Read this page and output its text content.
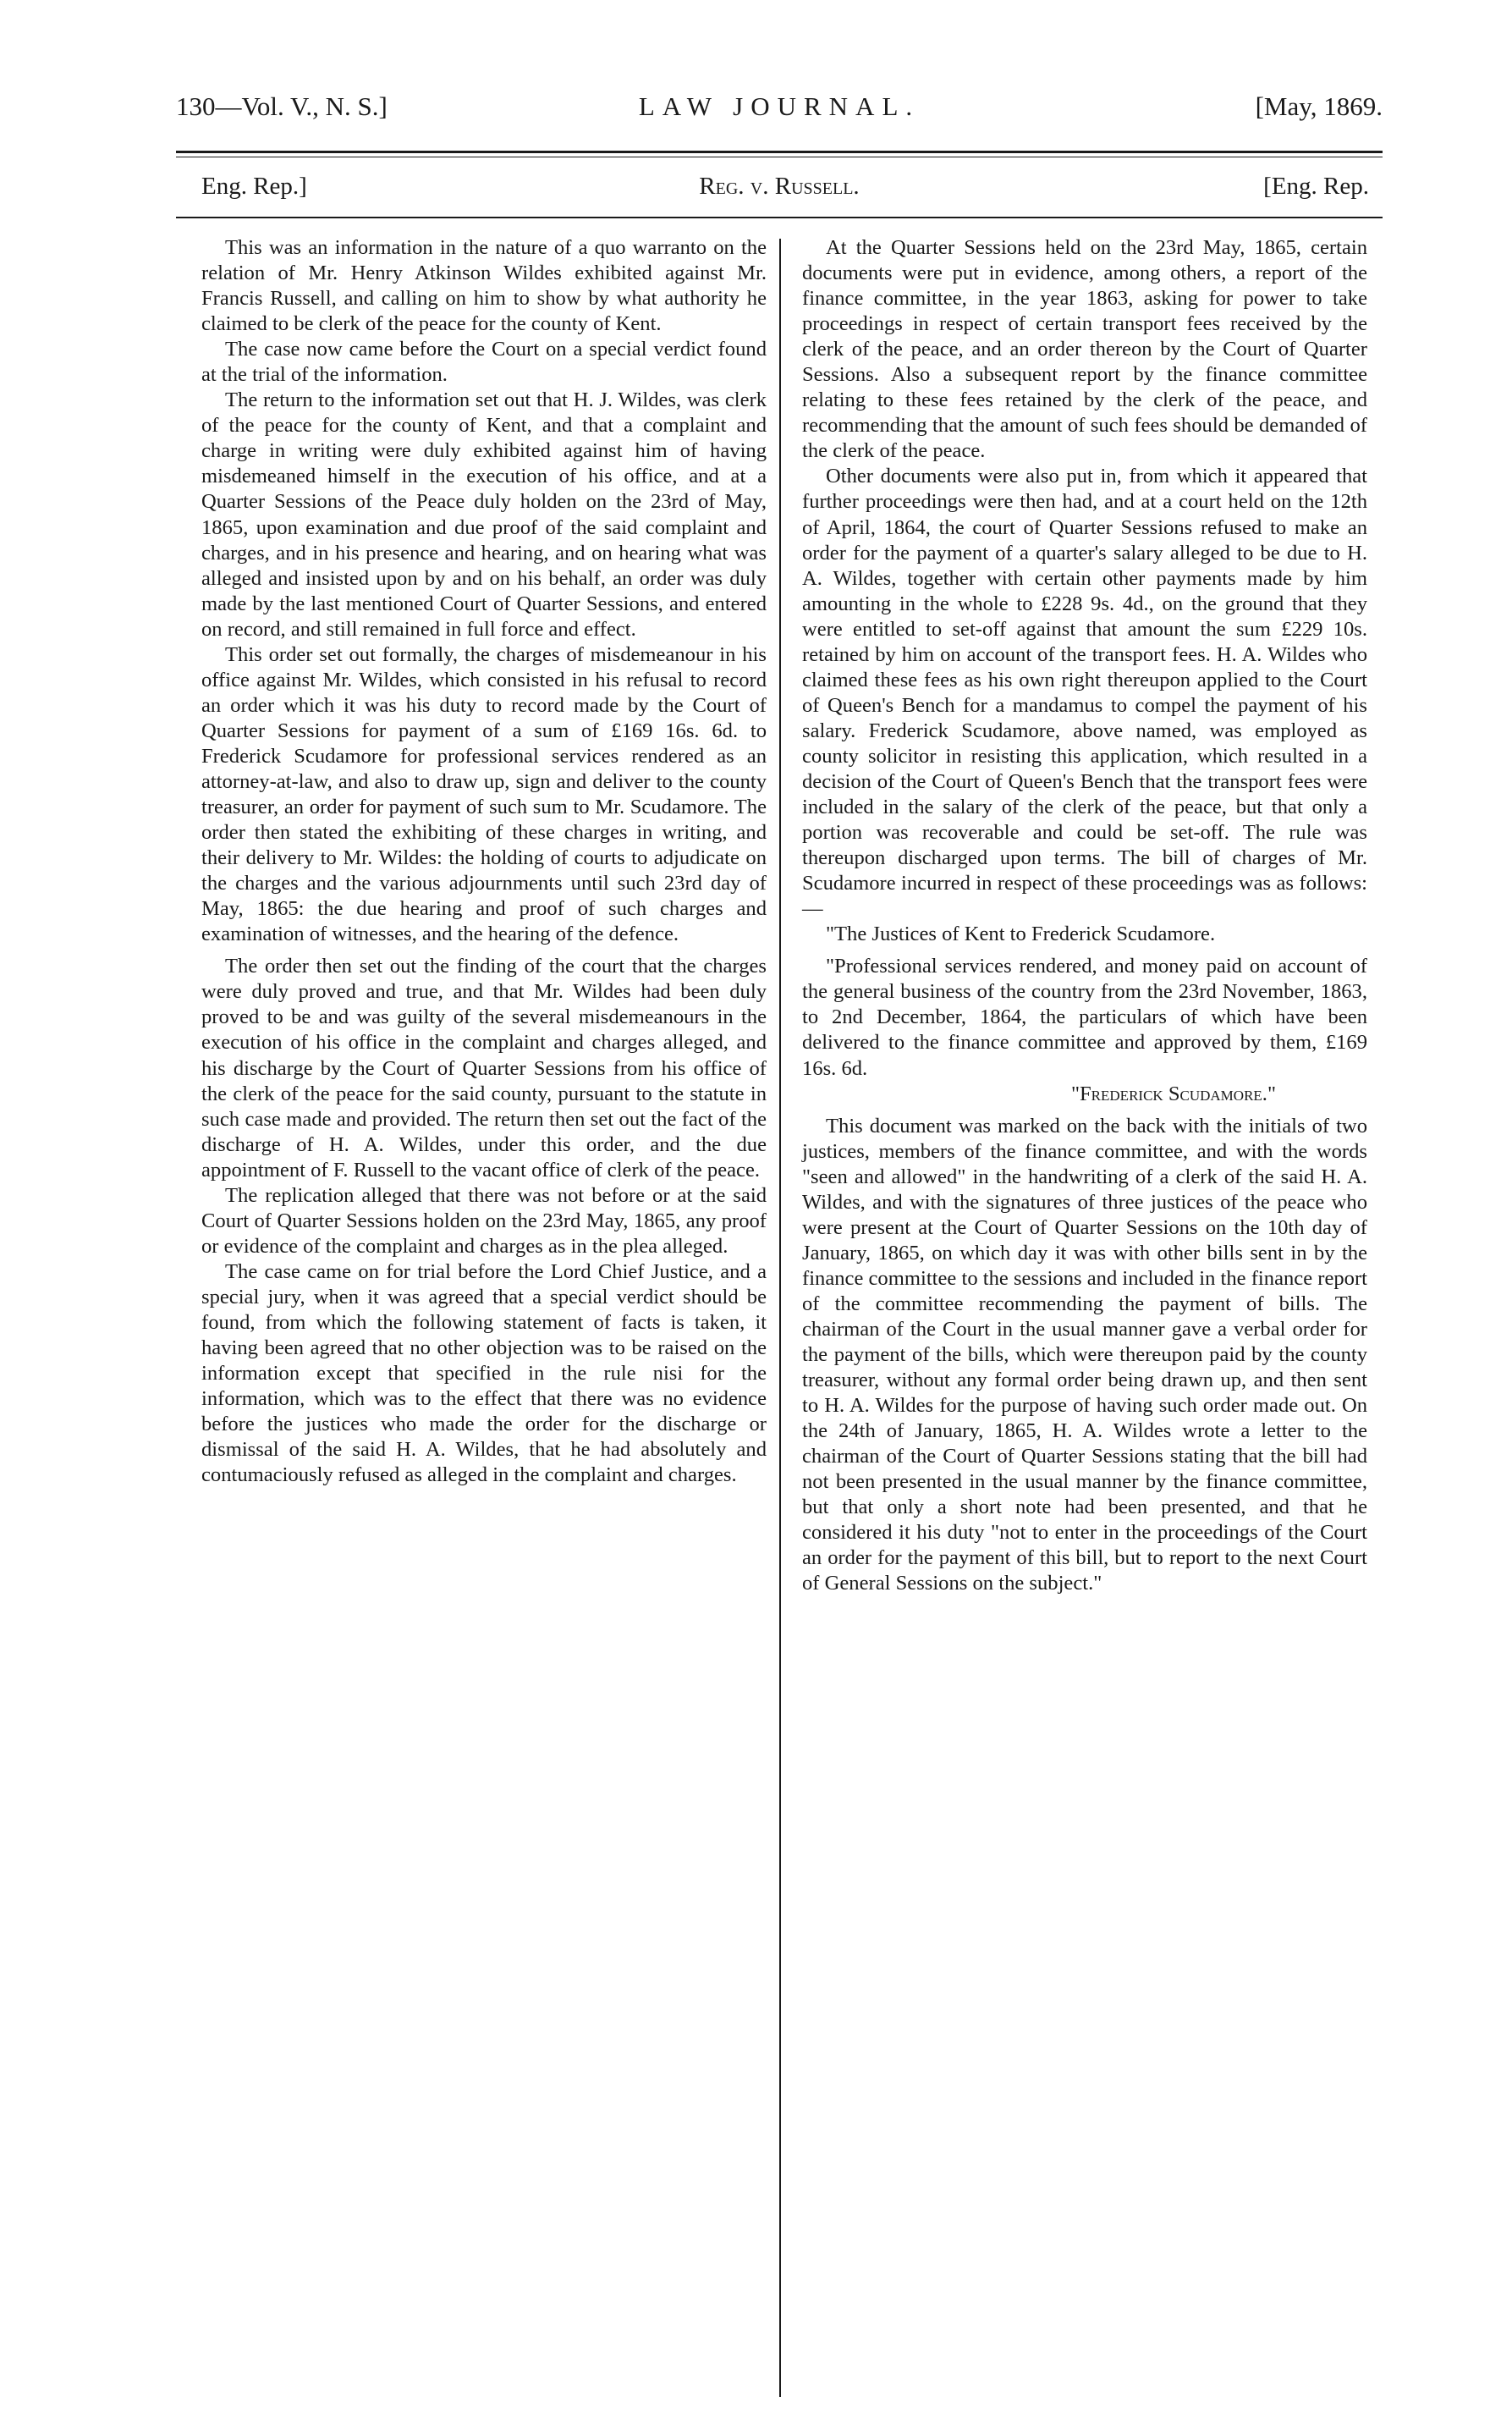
130—Vol. V., N. S.]	LAW JOURNAL.	[May, 1869.
Eng. Rep.]	Reg. v. Russell.	[Eng. Rep.

This was an information in the nature of a quo warranto on the relation of Mr. Henry Atkinson Wildes exhibited against Mr. Francis Russell, and calling on him to show by what authority he claimed to be clerk of the peace for the county of Kent.

The case now came before the Court on a special verdict found at the trial of the information.

The return to the information set out that H. J. Wildes, was clerk of the peace for the county of Kent, and that a complaint and charge in writing were duly exhibited against him of having misdemeaned himself in the execution of his office, and at a Quarter Sessions of the Peace duly holden on the 23rd of May, 1865, upon examination and due proof of the said complaint and charges, and in his presence and hearing, and on hearing what was alleged and insisted upon by and on his behalf, an order was duly made by the last mentioned Court of Quarter Sessions, and entered on record, and still remained in full force and effect.

This order set out formally, the charges of misdemeanour in his office against Mr. Wildes, which consisted in his refusal to record an order which it was his duty to record made by the Court of Quarter Sessions for payment of a sum of £169 16s. 6d. to Frederick Scudamore for professional services rendered as an attorney-at-law, and also to draw up, sign and deliver to the county treasurer, an order for payment of such sum to Mr. Scudamore. The order then stated the exhibiting of these charges in writing, and their delivery to Mr. Wildes: the holding of courts to adjudicate on the charges and the various adjournments until such 23rd day of May, 1865: the due hearing and proof of such charges and examination of witnesses, and the hearing of the defence.

The order then set out the finding of the court that the charges were duly proved and true, and that Mr. Wildes had been duly proved to be and was guilty of the several misdemeanours in the execution of his office in the complaint and charges alleged, and his discharge by the Court of Quarter Sessions from his office of the clerk of the peace for the said county, pursuant to the statute in such case made and provided. The return then set out the fact of the discharge of H. A. Wildes, under this order, and the due appointment of F. Russell to the vacant office of clerk of the peace.

The replication alleged that there was not before or at the said Court of Quarter Sessions holden on the 23rd May, 1865, any proof or evidence of the complaint and charges as in the plea alleged.

The case came on for trial before the Lord Chief Justice, and a special jury, when it was agreed that a special verdict should be found, from which the following statement of facts is taken, it having been agreed that no other objection was to be raised on the information except that specified in the rule nisi for the information, which was to the effect that there was no evidence before the justices who made the order for the discharge or dismissal of the said H. A. Wildes, that he had absolutely and contumaciously refused as alleged in the complaint and charges.

At the Quarter Sessions held on the 23rd May, 1865, certain documents were put in evidence, among others, a report of the finance committee, in the year 1863, asking for power to take proceedings in respect of certain transport fees received by the clerk of the peace, and an order thereon by the Court of Quarter Sessions. Also a subsequent report by the finance committee relating to these fees retained by the clerk of the peace, and recommending that the amount of such fees should be demanded of the clerk of the peace.

Other documents were also put in, from which it appeared that further proceedings were then had, and at a court held on the 12th of April, 1864, the court of Quarter Sessions refused to make an order for the payment of a quarter's salary alleged to be due to H. A. Wildes, together with certain other payments made by him amounting in the whole to £228 9s. 4d., on the ground that they were entitled to set-off against that amount the sum £229 10s. retained by him on account of the transport fees. H. A. Wildes who claimed these fees as his own right thereupon applied to the Court of Queen's Bench for a mandamus to compel the payment of his salary. Frederick Scudamore, above named, was employed as county solicitor in resisting this application, which resulted in a decision of the Court of Queen's Bench that the transport fees were included in the salary of the clerk of the peace, but that only a portion was recoverable and could be set-off. The rule was thereupon discharged upon terms. The bill of charges of Mr. Scudamore incurred in respect of these proceedings was as follows:—

"The Justices of Kent to Frederick Scudamore.

"Professional services rendered, and money paid on account of the general business of the country from the 23rd November, 1863, to 2nd December, 1864, the particulars of which have been delivered to the finance committee and approved by them, £169 16s. 6d.

"Frederick Scudamore."

This document was marked on the back with the initials of two justices, members of the finance committee, and with the words "seen and allowed" in the handwriting of a clerk of the said H. A. Wildes, and with the signatures of three justices of the peace who were present at the Court of Quarter Sessions on the 10th day of January, 1865, on which day it was with other bills sent in by the finance committee to the sessions and included in the finance report of the committee recommending the payment of bills. The chairman of the Court in the usual manner gave a verbal order for the payment of the bills, which were thereupon paid by the county treasurer, without any formal order being drawn up, and then sent to H. A. Wildes for the purpose of having such order made out. On the 24th of January, 1865, H. A. Wildes wrote a letter to the chairman of the Court of Quarter Sessions stating that the bill had not been presented in the usual manner by the finance committee, but that only a short note had been presented, and that he considered it his duty "not to enter in the proceedings of the Court an order for the payment of this bill, but to report to the next Court of General Sessions on the subject."
